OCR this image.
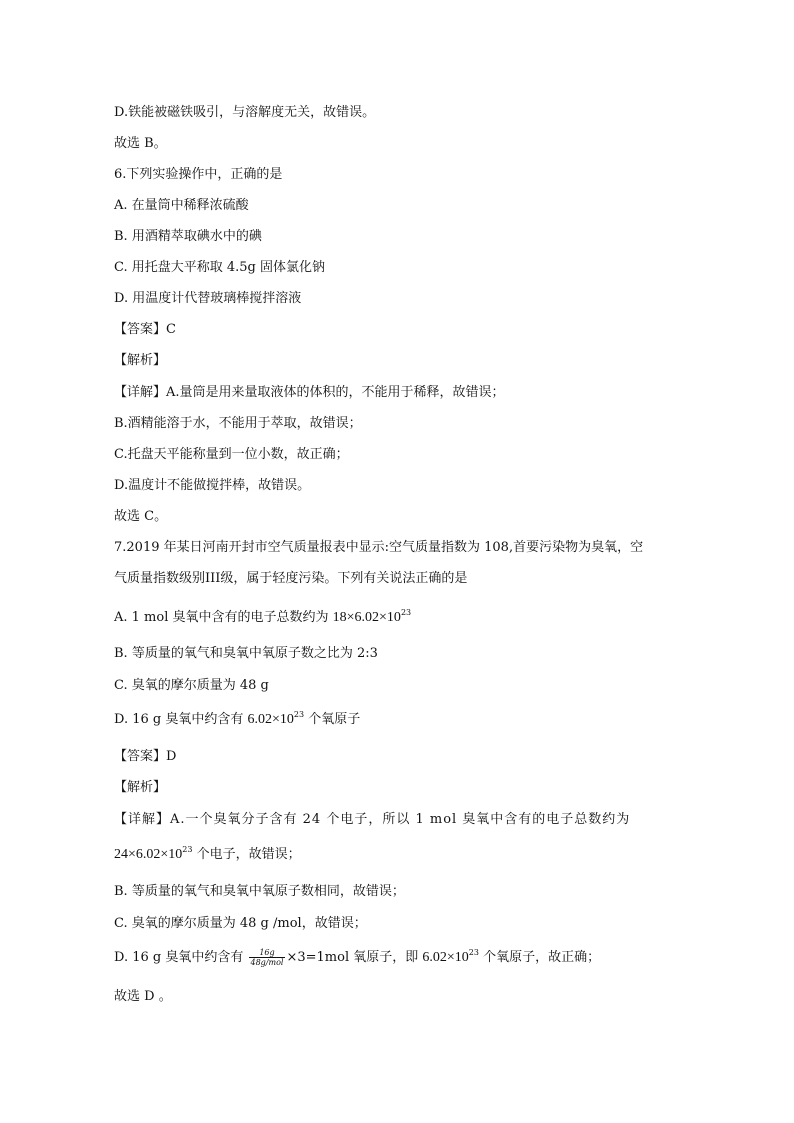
D.铁能被磁铁吸引，与溶解度无关，故错误。
故选 B。
6.下列实验操作中，正确的是
A. 在量筒中稀释浓硫酸
B. 用酒精萃取碘水中的碘
C. 用托盘大平称取 4.5g 固体氯化钠
D. 用温度计代替玻璃棒搅拌溶液
【答案】C
【解析】
【详解】A.量筒是用来量取液体的体积的，不能用于稀释，故错误；
B.酒精能溶于水，不能用于萃取，故错误；
C.托盘天平能称量到一位小数，故正确；
D.温度计不能做搅拌棒，故错误。
故选 C。
7.2019 年某日河南开封市空气质量报表中显示:空气质量指数为 108,首要污染物为臭氧，空
气质量指数级别III级，属于轻度污染。下列有关说法正确的是
A. 1 mol 臭氧中含有的电子总数约为 $18\times 6.02\times 10^{23}$
B. 等质量的氧气和臭氧中氧原子数之比为 2:3
C. 臭氧的摩尔质量为 48 g
D. 16 g 臭氧中约含有 $6.02\times 10^{23}$ 个氧原子
【答案】D
【解析】
【详解】A.一个臭氧分子含有 24 个电子，所以 1 mol 臭氧中含有的电子总数约为
$24\times 6.02\times 10^{23}$ 个电子，故错误；
B. 等质量的氧气和臭氧中氧原子数相同，故错误；
C. 臭氧的摩尔质量为 48 g /mol，故错误；
D. 16 g 臭氧中约含有 $\frac{16g}{\text{48g/mol}} \times 3=1mol$ 氧原子，即 $6.02\times 10^{23}$ 个氧原子，故正确；
故选 D 。
